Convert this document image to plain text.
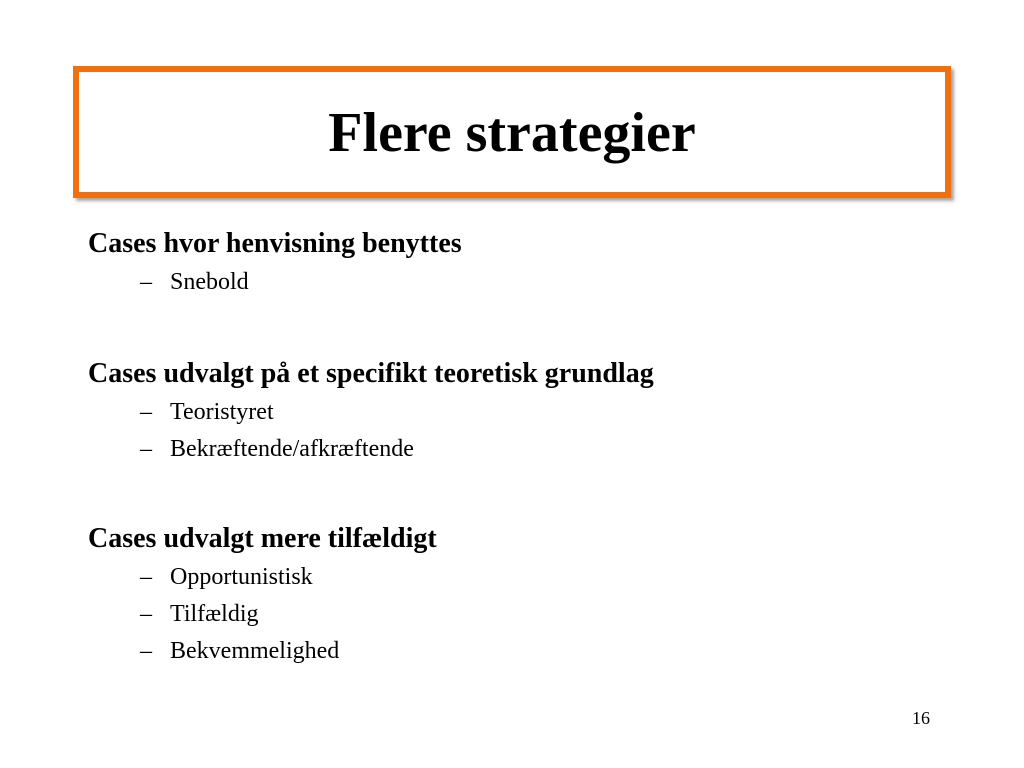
Flere strategier
Cases hvor henvisning benyttes
– Snebold
Cases udvalgt på et specifikt teoretisk grundlag
– Teoristyret
– Bekræftende/afkræftende
Cases udvalgt mere tilfældigt
– Opportunistisk
– Tilfældig
– Bekvemmelighed
16
